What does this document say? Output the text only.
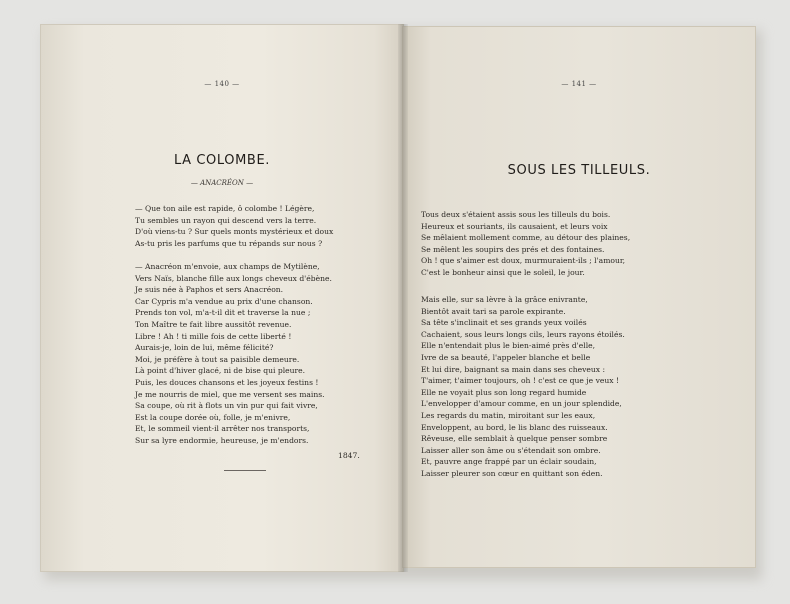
— 140 —
LA COLOMBE.
— ANACRÉON —
— Que ton aile est rapide, ô colombe ! Légère,
Tu sembles un rayon qui descend vers la terre.
D'où viens-tu ? Sur quels monts mystérieux et doux
As-tu pris les parfums que tu répands sur nous ?
— Anacréon m'envoie, aux champs de Mytilène,
Vers Naïs, blanche fille aux longs cheveux d'ébène.
Je suis née à Paphos et sers Anacréon.
Car Cypris m'a vendue au prix d'une chanson.
Prends ton vol, m'a-t-il dit et traverse la nue ;
Ton Maître te fait libre aussitôt revenue.
Libre ! Ah ! ti mille fois de cette liberté !
Aurais-je, loin de lui, même félicité?
Moi, je préfère à tout sa paisible demeure.
Là point d'hiver glacé, ni de bise qui pleure.
Puis, les douces chansons et les joyeux festins !
Je me nourris de miel, que me versent ses mains.
Sa coupe, où rit à flots un vin pur qui fait vivre,
Est la coupe dorée où, folle, je m'enivre,
Et, le sommeil vient-il arrêter nos transports,
Sur sa lyre endormie, heureuse, je m'endors.
1847.
— 141 —
SOUS LES TILLEULS.
Tous deux s'étaient assis sous les tilleuls du bois.
Heureux et souriants, ils causaient, et leurs voix
Se mêlaient mollement comme, au détour des plaines,
Se mêlent les soupirs des prés et des fontaines.
Oh ! que s'aimer est doux, murmuraient-ils ; l'amour,
C'est le bonheur ainsi que le soleil, le jour.
Mais elle, sur sa lèvre à la grâce enivrante,
Bientôt avait tari sa parole expirante.
Sa tête s'inclinait et ses grands yeux voilés
Cachaient, sous leurs longs cils, leurs rayons étoilés.
Elle n'entendait plus le bien-aimé près d'elle,
Ivre de sa beauté, l'appeler blanche et belle
Et lui dire, baignant sa main dans ses cheveux :
T'aimer, t'aimer toujours, oh ! c'est ce que je veux !
Elle ne voyait plus son long regard humide
L'envelopper d'amour comme, en un jour splendide,
Les regards du matin, miroitant sur les eaux,
Enveloppent, au bord, le lis blanc des ruisseaux.
Rêveuse, elle semblait à quelque penser sombre
Laisser aller son âme ou s'étendait son ombre.
Et, pauvre ange frappé par un éclair soudain,
Laisser pleurer son cœur en quittant son éden.
